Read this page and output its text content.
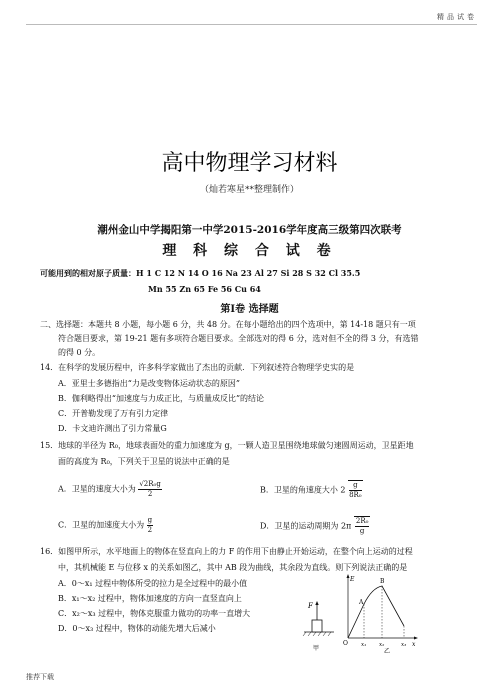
精品试卷
高中物理学习材料
（灿若寒星**整理制作）
潮州金山中学揭阳第一中学2015-2016学年度高三级第四次联考
理 科 综 合 试 卷
可能用到的相对原子质量：H 1 C 12 N 14 O 16 Na 23 Al 27 Si 28 S 32 Cl 35.5
Mn 55 Zn 65 Fe 56 Cu 64
第Ⅰ卷 选择题
二、选择题：本题共 8 小题，每小题 6 分，共 48 分。在每小题给出的四个选项中，第 14-18 题只有一项
符合题目要求，第 19-21 题有多项符合题目要求。全部选对的得 6 分，选对但不全的得 3 分，有选错
的得 0 分。
14．在科学的发展历程中，许多科学家做出了杰出的贡献．下列叙述符合物理学史实的是
A．亚里士多德指出“力是改变物体运动状态的原因”
B．伽利略得出“加速度与力成正比，与质量成反比”的结论
C．开普勒发现了万有引力定律
D．卡文迪许测出了引力常量G
15．地球的半径为 R₀，地球表面处的重力加速度为 g，一颗人造卫星围绕地球做匀速圆周运动，卫星距地
面的高度为 R₀，下列关于卫星的说法中正确的是
A．卫星的速度大小为 $\frac{\text{√2R₀g}}{2}$	B．卫星的角速度大小 $2 \frac{g}{\text{8R₀}}$
C．卫星的加速度大小为 $\frac{g}{2}$	D．卫星的运动周期为 $2\pi \frac{\text{2R₀}}{g}$
16．如图甲所示，水平地面上的物体在竖直向上的力 F 的作用下由静止开始运动，在整个向上运动的过程
中，其机械能 E 与位移 x 的关系如图乙，其中 AB 段为曲线，其余段为直线。则下列说法正确的是
A．0～x₁ 过程中物体所受的拉力是全过程中的最小值
B．x₁～x₂ 过程中，物体加速度的方向一直竖直向上
C．x₂～x₃ 过程中，物体克服重力做功的功率一直增大
D．0～x₃ 过程中，物体的动能先增大后减小
F
甲
E
x
O
A
B
x₁ x₂	x₃
乙
推荐下载
